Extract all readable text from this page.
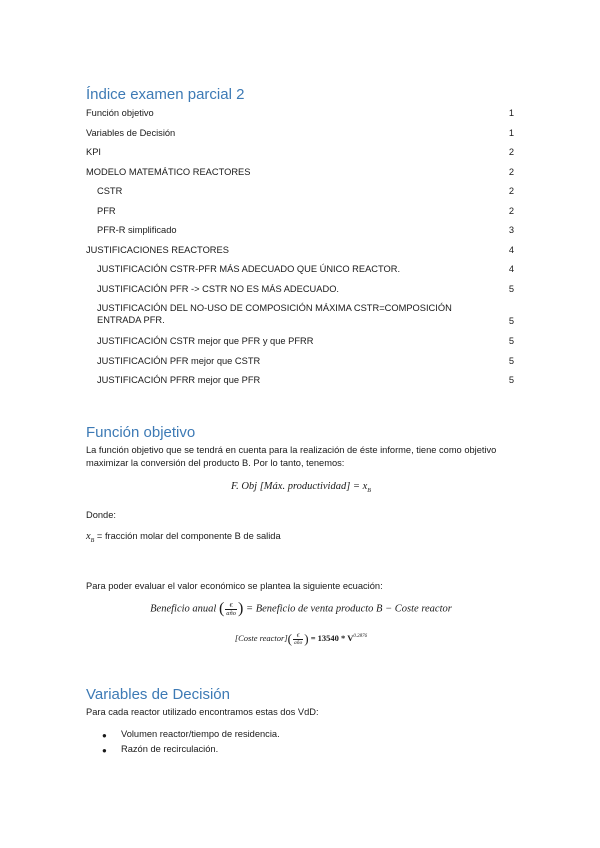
Índice examen parcial 2
Función objetivo	1
Variables de Decisión	1
KPI	2
MODELO MATEMÁTICO REACTORES	2
CSTR	2
PFR	2
PFR-R simplificado	3
JUSTIFICACIONES REACTORES	4
JUSTIFICACIÓN CSTR-PFR MÁS ADECUADO QUE ÚNICO REACTOR.	4
JUSTIFICACIÓN PFR -> CSTR NO ES MÁS ADECUADO.	5
JUSTIFICACIÓN DEL NO-USO DE COMPOSICIÓN MÁXIMA CSTR=COMPOSICIÓN ENTRADA PFR.	5
JUSTIFICACIÓN CSTR mejor que PFR y que PFRR	5
JUSTIFICACIÓN PFR mejor que CSTR	5
JUSTIFICACIÓN PFRR mejor que PFR	5
Función objetivo
La función objetivo que se tendrá en cuenta para la realización de éste informe, tiene como objetivo maximizar la conversión del producto B. Por lo tanto, tenemos:
F. Obj [Máx. productividad] = $x_B$
Donde:
$x_B$ = fracción molar del componente B de salida
Para poder evaluar el valor económico se plantea la siguiente ecuación:
Beneficio anual ( $\frac{€}{\text{año}}$ ) = Beneficio de venta producto B − Coste reactor
[Coste reactor]( $\frac{€}{\text{año}}$ ) = $13540 * V^{0.2876}$
Variables de Decisión
Para cada reactor utilizado encontramos estas dos VdD:
● Volumen reactor/tiempo de residencia.
● Razón de recirculación.
